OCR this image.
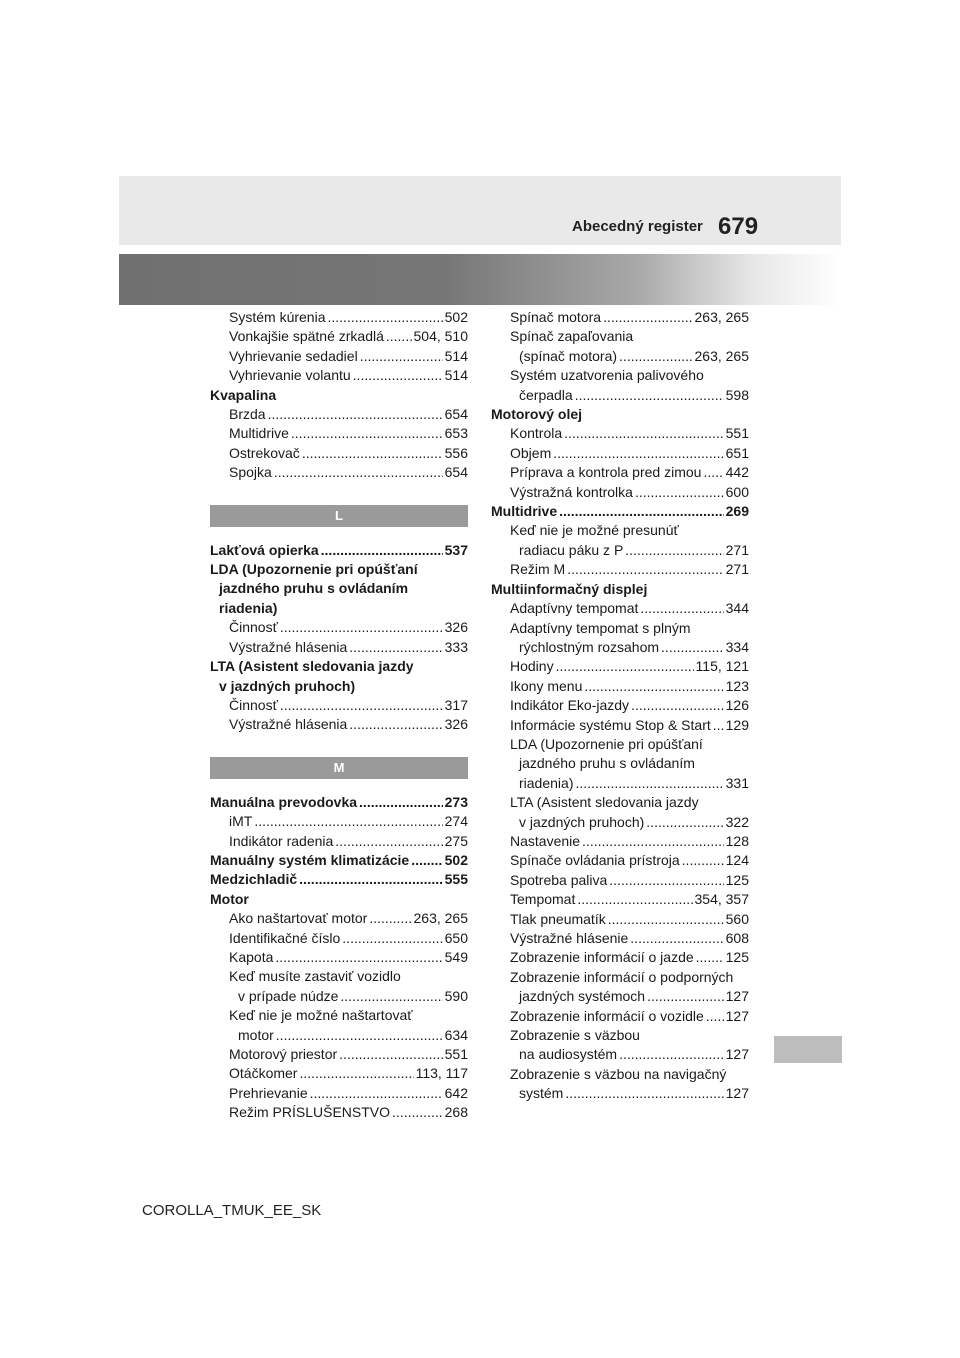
Abecedný register 679
Systém kúrenia .....	502
Vonkajšie spätné zrkadlá ..... 504, 510
Vyhrievanie sedadiel .....	514
Vyhrievanie volantu .....	514
Kvapalina
Brzda .....	654
Multidrive .....	653
Ostrekovač .....	556
Spojka .....	654
L
Lakťová opierka .....	537
LDA (Upozornenie pri opúšťaní
jazdného pruhu s ovládaním
riadenia)
Činnosť .....	326
Výstražné hlásenia .....	333
LTA (Asistent sledovania jazdy
v jazdných pruhoch)
Činnosť .....	317
Výstražné hlásenia .....	326
M
Manuálna prevodovka .....	273
iMT .....	274
Indikátor radenia .....	275
Manuálny systém klimatizácie .....	502
Medzichladič .....	555
Motor
Ako naštartovať motor .....	263, 265
Identifikačné číslo .....	650
Kapota .....	549
Keď musíte zastaviť vozidlo
v prípade núdze .....	590
Keď nie je možné naštartovať
motor .....	634
Motorový priestor .....	551
Otáčkomer .....	113, 117
Prehrievanie .....	642
Režim PRÍSLUŠENSTVO .....	268
Spínač motora .....	263, 265
Spínač zapaľovania
(spínač motora) .....	263, 265
Systém uzatvorenia palivového
čerpadla .....	598
Motorový olej
Kontrola .....	551
Objem .....	651
Príprava a kontrola pred zimou ..... 442
Výstražná kontrolka .....	600
Multidrive .....	269
Keď nie je možné presunúť
radiacu páku z P .....	271
Režim M .....	271
Multiinformačný displej
Adaptívny tempomat .....	344
Adaptívny tempomat s plným
rýchlostným rozsahom .....	334
Hodiny .....	115, 121
Ikony menu .....	123
Indikátor Eko-jazdy .....	126
Informácie systému Stop & Start ..... 129
LDA (Upozornenie pri opúšťaní
jazdného pruhu s ovládaním
riadenia) .....	331
LTA (Asistent sledovania jazdy
v jazdných pruhoch) .....	322
Nastavenie .....	128
Spínače ovládania prístroja .....	124
Spotreba paliva .....	125
Tempomat .....	354, 357
Tlak pneumatík .....	560
Výstražné hlásenie .....	608
Zobrazenie informácií o jazde ..... 125
Zobrazenie informácií o podporných
jazdných systémoch .....	127
Zobrazenie informácií o vozidle ..... 127
Zobrazenie s väzbou
na audiosystém .....	127
Zobrazenie s väzbou na navigačný
systém .....	127
COROLLA_TMUK_EE_SK
